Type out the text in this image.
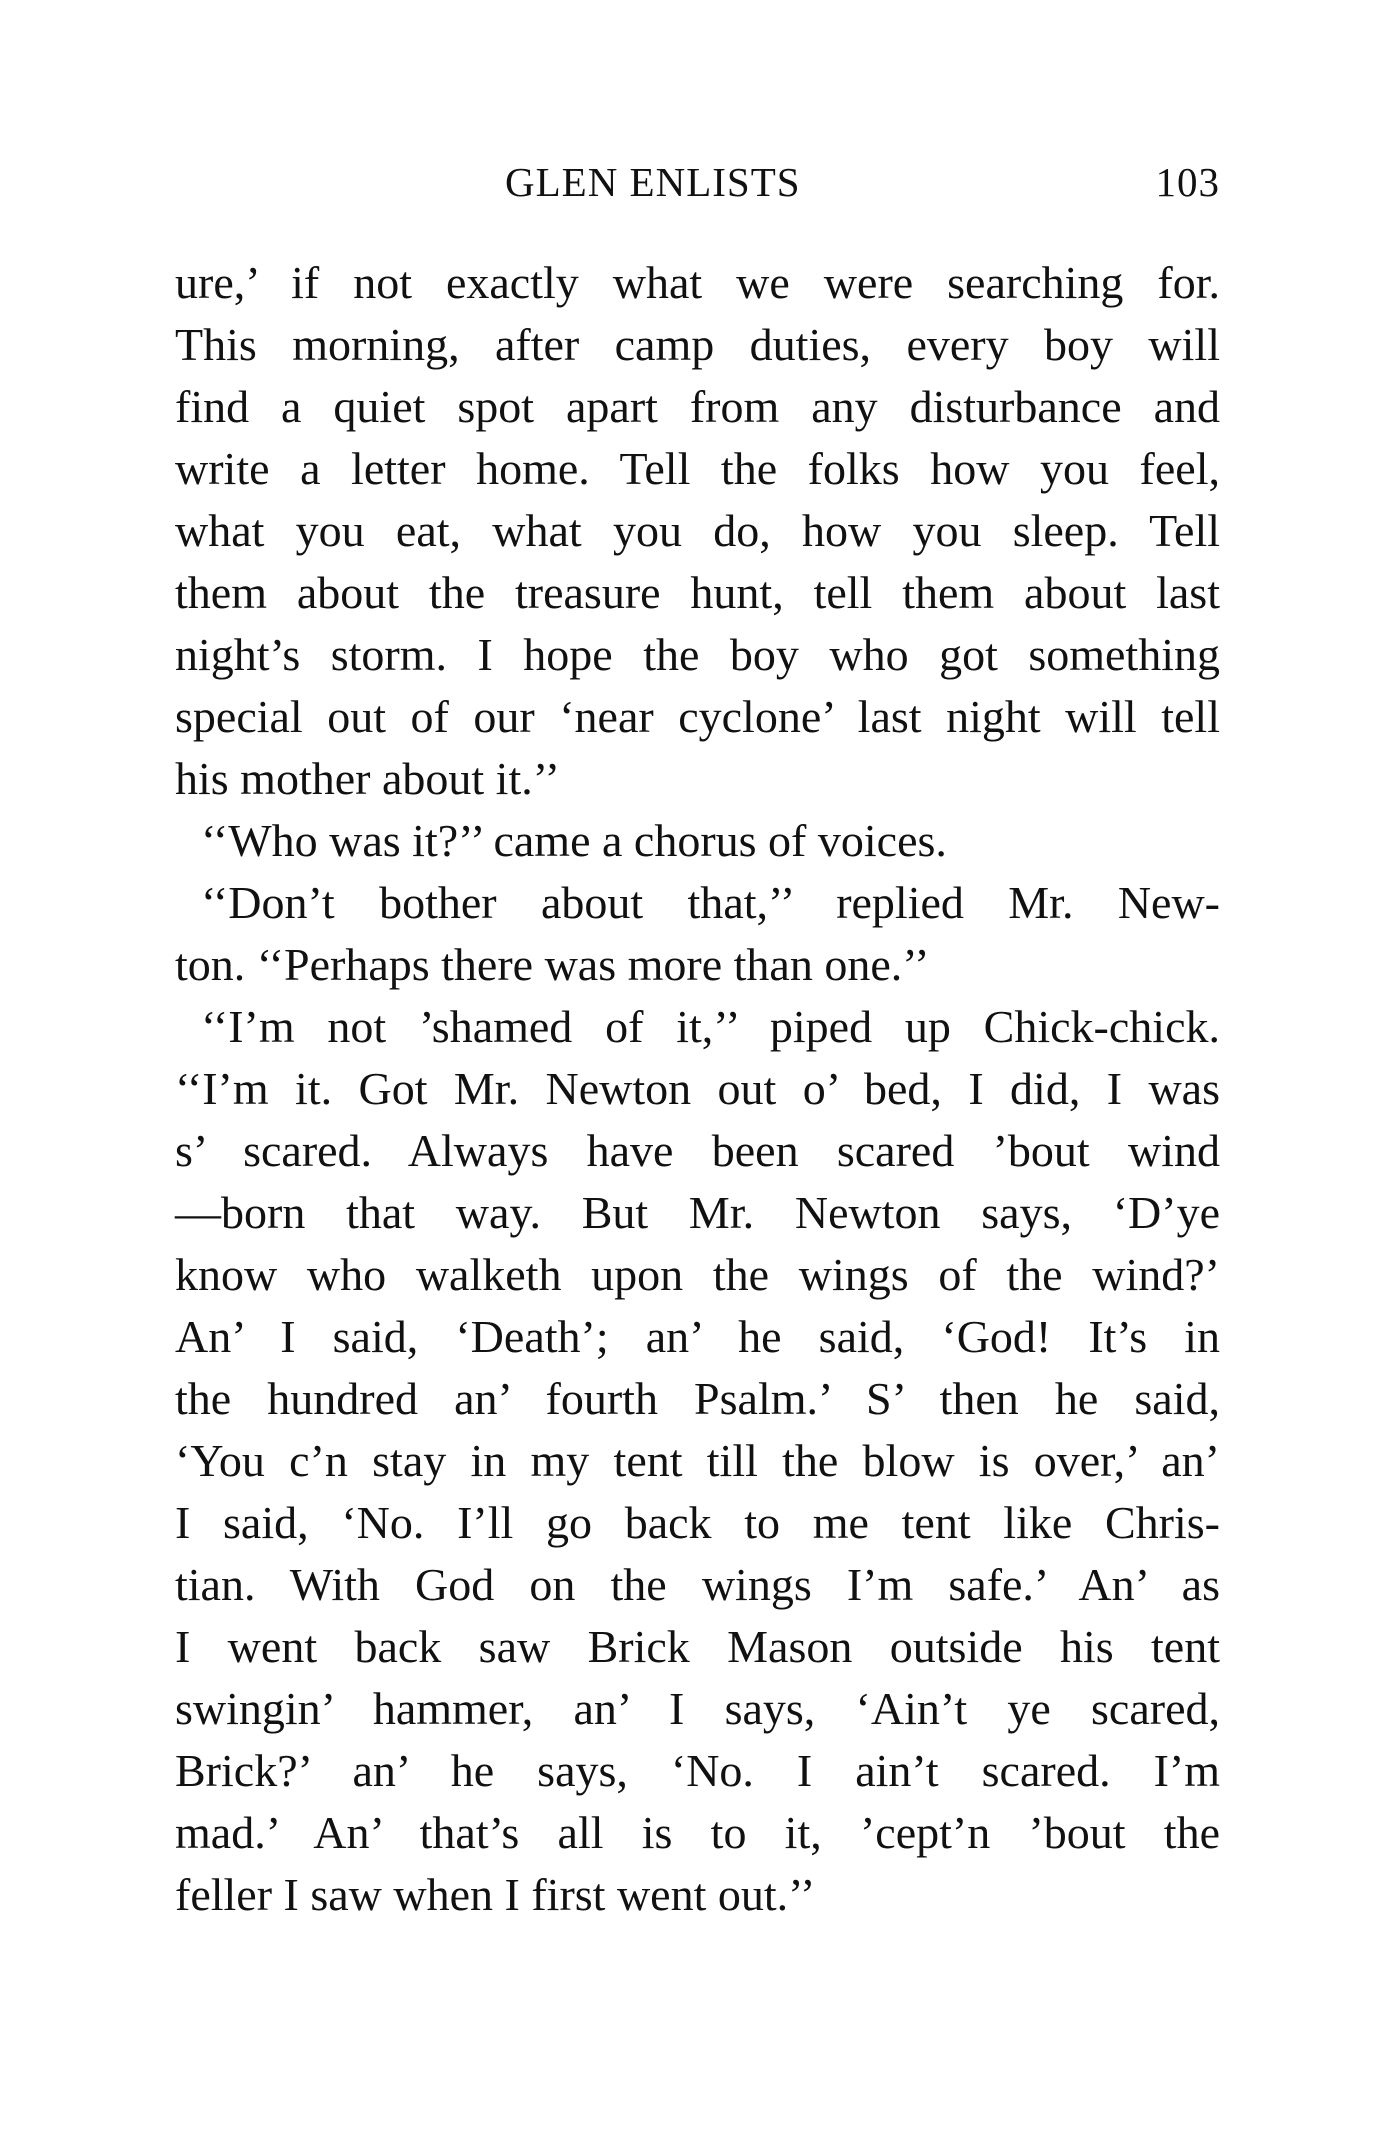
GLEN ENLISTS	103
ure,’ if not exactly what we were searching for.
This morning, after camp duties, every boy will
find a quiet spot apart from any disturbance and
write a letter home. Tell the folks how you feel,
what you eat, what you do, how you sleep. Tell
them about the treasure hunt, tell them about last
night’s storm. I hope the boy who got something
special out of our ‘near cyclone’ last night will tell
his mother about it.’’
‘‘Who was it?’’ came a chorus of voices.
‘‘Don’t bother about that,’’ replied Mr. New-
ton. ‘‘Perhaps there was more than one.’’
‘‘I’m not ’shamed of it,’’ piped up Chick-chick.
‘‘I’m it. Got Mr. Newton out o’ bed, I did, I was
s’ scared. Always have been scared ’bout wind
—born that way. But Mr. Newton says, ‘D’ye
know who walketh upon the wings of the wind?’
An’ I said, ‘Death’; an’ he said, ‘God! It’s in
the hundred an’ fourth Psalm.’ S’ then he said,
‘You c’n stay in my tent till the blow is over,’ an’
I said, ‘No. I’ll go back to me tent like Chris-
tian. With God on the wings I’m safe.’ An’ as
I went back saw Brick Mason outside his tent
swingin’ hammer, an’ I says, ‘Ain’t ye scared,
Brick?’ an’ he says, ‘No. I ain’t scared. I’m
mad.’ An’ that’s all is to it, ’cept’n ’bout the
feller I saw when I first went out.’’
